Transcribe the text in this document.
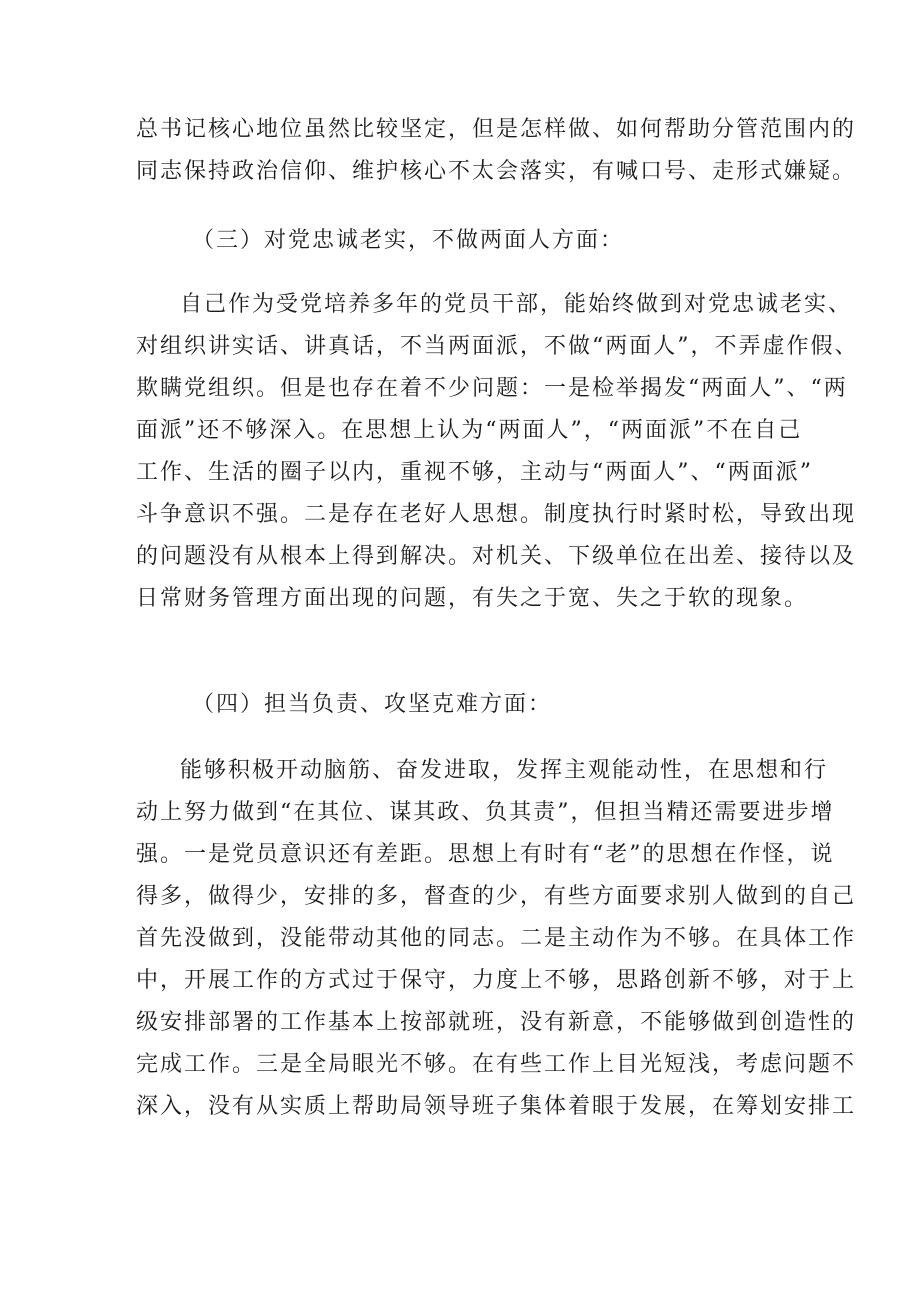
总书记核心地位虽然比较坚定，但是怎样做、如何帮助分管范围内的
同志保持政治信仰、维护核心不太会落实，有喊口号、走形式嫌疑。
（三）对党忠诚老实，不做两面人方面：
自己作为受党培养多年的党员干部，能始终做到对党忠诚老实、
对组织讲实话、讲真话，不当两面派，不做“两面人”，不弄虚作假、
欺瞒党组织。但是也存在着不少问题：一是检举揭发“两面人”、“两
面派”还不够深入。在思想上认为“两面人”，“两面派”不在自己
工作、生活的圈子以内，重视不够，主动与“两面人”、“两面派”
斗争意识不强。二是存在老好人思想。制度执行时紧时松，导致出现
的问题没有从根本上得到解决。对机关、下级单位在出差、接待以及
日常财务管理方面出现的问题，有失之于宽、失之于软的现象。
（四）担当负责、攻坚克难方面：
能够积极开动脑筋、奋发进取，发挥主观能动性，在思想和行
动上努力做到“在其位、谋其政、负其责”，但担当精还需要进步增
强。一是党员意识还有差距。思想上有时有“老”的思想在作怪，说
得多，做得少，安排的多，督查的少，有些方面要求别人做到的自己
首先没做到，没能带动其他的同志。二是主动作为不够。在具体工作
中，开展工作的方式过于保守，力度上不够，思路创新不够，对于上
级安排部署的工作基本上按部就班，没有新意，不能够做到创造性的
完成工作。三是全局眼光不够。在有些工作上目光短浅，考虑问题不
深入，没有从实质上帮助局领导班子集体着眼于发展，在筹划安排工
